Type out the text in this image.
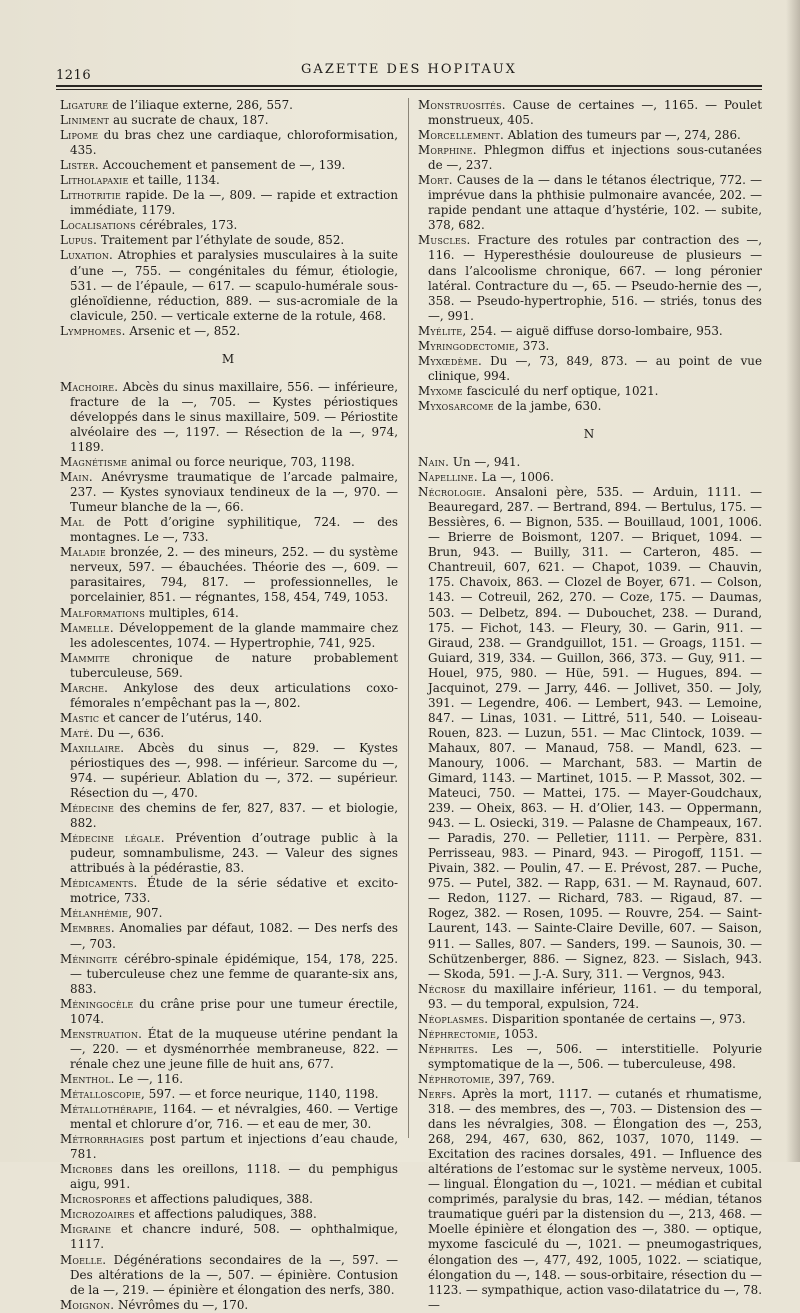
1216	GAZETTE DES HOPITAUX
Ligature de l’iliaque externe, 286, 557.
Liniment au sucrate de chaux, 187.
Lipome du bras chez une cardiaque, chloroformisation, 435.
Lister. Accouchement et pansement de —, 139.
Litholapaxie et taille, 1134.
Lithotritie rapide. De la —, 809. — rapide et extraction immédiate, 1179.
Localisations cérébrales, 173.
Lupus. Traitement par l’éthylate de soude, 852.
Luxation. Atrophies et paralysies musculaires à la suite d’une —, 755. — congénitales du fémur, étiologie, 531. — de l’épaule, — 617. — scapulo-humérale sous-glénoïdienne, réduction, 889. — sus-acromiale de la clavicule, 250. — verticale externe de la rotule, 468.
Lymphomes. Arsenic et —, 852.
M
Machoire. Abcès du sinus maxillaire, 556. — inférieure, fracture de la —, 705. — Kystes périostiques développés dans le sinus maxillaire, 509. — Périostite alvéolaire des —, 1197. — Résection de la —, 974, 1189.
Magnétisme animal ou force neurique, 703, 1198.
Main. Anévrysme traumatique de l’arcade palmaire, 237. — Kystes synoviaux tendineux de la —, 970. — Tumeur blanche de la —, 66.
Mal de Pott d’origine syphilitique, 724. — des montagnes. Le —, 733.
Maladie bronzée, 2. — des mineurs, 252. — du système nerveux, 597. — ébauchées. Théorie des —, 609. — parasitaires, 794, 817. — professionnelles, le porcelainier, 851. — régnantes, 158, 454, 749, 1053.
Malformations multiples, 614.
Mamelle. Développement de la glande mammaire chez les adolescentes, 1074. — Hypertrophie, 741, 925.
Mammite chronique de nature probablement tuberculeuse, 569.
Marche. Ankylose des deux articulations coxo-fémorales n’empêchant pas la —, 802.
Mastic et cancer de l’utérus, 140.
Maté. Du —, 636.
Maxillaire. Abcès du sinus —, 829. — Kystes périostiques des —, 998. — inférieur. Sarcome du —, 974. — supérieur. Ablation du —, 372. — supérieur. Résection du —, 470.
Médecine des chemins de fer, 827, 837. — et biologie, 882.
Médecine légale. Prévention d’outrage public à la pudeur, somnambulisme, 243. — Valeur des signes attribués à la pédérastie, 83.
Médicaments. Étude de la série sédative et excito-motrice, 733.
Mélanhémie, 907.
Membres. Anomalies par défaut, 1082. — Des nerfs des —, 703.
Méningite cérébro-spinale épidémique, 154, 178, 225. — tuberculeuse chez une femme de quarante-six ans, 883.
Méningocèle du crâne prise pour une tumeur érectile, 1074.
Menstruation. État de la muqueuse utérine pendant la —, 220. — et dysménorrhée membraneuse, 822. — rénale chez une jeune fille de huit ans, 677.
Menthol. Le —, 116.
Métalloscopie, 597. — et force neurique, 1140, 1198.
Métallothérapie, 1164. — et névralgies, 460. — Vertige mental et chlorure d’or, 716. — et eau de mer, 30.
Métrorrhagies post partum et injections d’eau chaude, 781.
Microbes dans les oreillons, 1118. — du pemphigus aigu, 991.
Microspores et affections paludiques, 388.
Microzoaires et affections paludiques, 388.
Migraine et chancre induré, 508. — ophthalmique, 1117.
Moelle. Dégénérations secondaires de la —, 597. — Des altérations de la —, 507. — épinière. Contusion de la —, 219. — épinière et élongation des nerfs, 380.
Moignon. Névrômes du —, 170.
Monstruosités. Cause de certaines —, 1165. — Poulet monstrueux, 405.
Morcellement. Ablation des tumeurs par —, 274, 286.
Morphine. Phlegmon diffus et injections sous-cutanées de —, 237.
Mort. Causes de la — dans le tétanos électrique, 772. — imprévue dans la phthisie pulmonaire avancée, 202. — rapide pendant une attaque d’hystérie, 102. — subite, 378, 682.
Muscles. Fracture des rotules par contraction des —, 116. — Hyperesthésie douloureuse de plusieurs — dans l’alcoolisme chronique, 667. — long péronier latéral. Contracture du —, 65. — Pseudo-hernie des —, 358. — Pseudo-hypertrophie, 516. — striés, tonus des —, 991.
Myélite, 254. — aiguë diffuse dorso-lombaire, 953.
Myringodectomie, 373.
Myxœdème. Du —, 73, 849, 873. — au point de vue clinique, 994.
Myxome fasciculé du nerf optique, 1021.
Myxosarcome de la jambe, 630.
N
Nain. Un —, 941.
Napelline. La —, 1006.
Nécrologie. Ansaloni père, 535. — Arduin, 1111. — Beauregard, 287. — Bertrand, 894. — Bertulus, 175. — Bessières, 6. — Bignon, 535. — Bouillaud, 1001, 1006. — Brierre de Boismont, 1207. — Briquet, 1094. — Brun, 943. — Builly, 311. — Carteron, 485. — Chantreuil, 607, 621. — Chapot, 1039. — Chauvin, 175. Chavoix, 863. — Clozel de Boyer, 671. — Colson, 143. — Cotreuil, 262, 270. — Coze, 175. — Daumas, 503. — Delbetz, 894. — Dubouchet, 238. — Durand, 175. — Fichot, 143. — Fleury, 30. — Garin, 911. — Giraud, 238. — Grandguillot, 151. — Groags, 1151. — Guiard, 319, 334. — Guillon, 366, 373. — Guy, 911. — Houel, 975, 980. — Hüe, 591. — Hugues, 894. — Jacquinot, 279. — Jarry, 446. — Jollivet, 350. — Joly, 391. — Legendre, 406. — Lembert, 943. — Lemoine, 847. — Linas, 1031. — Littré, 511, 540. — Loiseau-Rouen, 823. — Luzun, 551. — Mac Clintock, 1039. — Mahaux, 807. — Manaud, 758. — Mandl, 623. — Manoury, 1006. — Marchant, 583. — Martin de Gimard, 1143. — Martinet, 1015. — P. Massot, 302. — Mateuci, 750. — Mattei, 175. — Mayer-Goudchaux, 239. — Oheix, 863. — H. d’Olier, 143. — Oppermann, 943. — L. Osiecki, 319. — Palasne de Champeaux, 167. — Paradis, 270. — Pelletier, 1111. — Perpère, 831. Perrisseau, 983. — Pinard, 943. — Pirogoff, 1151. — Pivain, 382. — Poulin, 47. — E. Prévost, 287. — Puche, 975. — Putel, 382. — Rapp, 631. — M. Raynaud, 607. — Redon, 1127. — Richard, 783. — Rigaud, 87. — Rogez, 382. — Rosen, 1095. — Rouvre, 254. — Saint-Laurent, 143. — Sainte-Claire Deville, 607. — Saison, 911. — Salles, 807. — Sanders, 199. — Saunois, 30. — Schützenberger, 886. — Signez, 823. — Sislach, 943. — Skoda, 591. — J.-A. Sury, 311. — Vergnos, 943.
Nécrose du maxillaire inférieur, 1161. — du temporal, 93. — du temporal, expulsion, 724.
Néoplasmes. Disparition spontanée de certains —, 973.
Néphrectomie, 1053.
Néphrites. Les —, 506. — interstitielle. Polyurie symptomatique de la —, 506. — tuberculeuse, 498.
Néphrotomie, 397, 769.
Nerfs. Après la mort, 1117. — cutanés et rhumatisme, 318. — des membres, des —, 703. — Distension des — dans les névralgies, 308. — Élongation des —, 253, 268, 294, 467, 630, 862, 1037, 1070, 1149. — Excitation des racines dorsales, 491. — Influence des altérations de l’estomac sur le système nerveux, 1005. — lingual. Élongation du —, 1021. — médian et cubital comprimés, paralysie du bras, 142. — médian, tétanos traumatique guéri par la distension du —, 213, 468. — Moelle épinière et élongation des —, 380. — optique, myxome fasciculé du —, 1021. — pneumogastriques, élongation des —, 477, 492, 1005, 1022. — sciatique, élongation du —, 148. — sous-orbitaire, résection du — 1123. — sympathique, action vaso-dilatatrice du —, 78. —
